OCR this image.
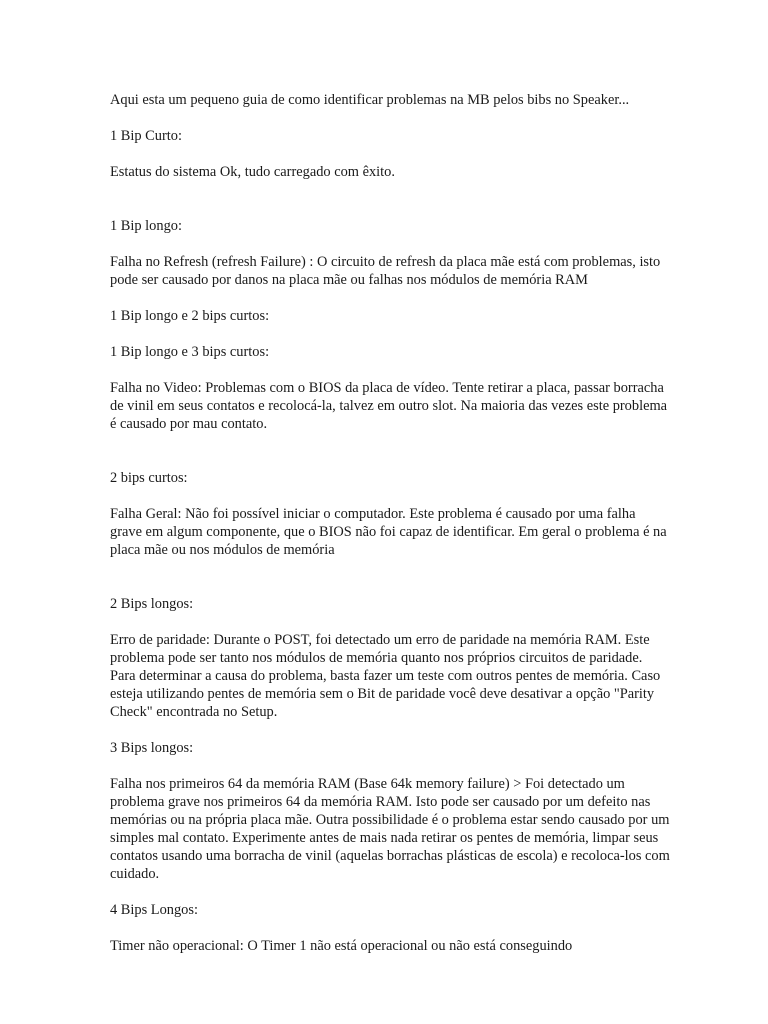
Aqui esta um pequeno guia de como identificar problemas na MB pelos bibs no Speaker...

1 Bip Curto:

Estatus do sistema Ok, tudo carregado com êxito.

1 Bip longo:

Falha no Refresh (refresh Failure) : O circuito de refresh da placa mãe está com problemas, isto pode ser causado por danos na placa mãe ou falhas nos módulos de memória RAM

1 Bip longo e 2 bips curtos:

1 Bip longo e 3 bips curtos:

Falha no Video: Problemas com o BIOS da placa de vídeo. Tente retirar a placa, passar borracha de vinil em seus contatos e recolocá-la, talvez em outro slot. Na maioria das vezes este problema é causado por mau contato.

2 bips curtos:

Falha Geral: Não foi possível iniciar o computador. Este problema é causado por uma falha grave em algum componente, que o BIOS não foi capaz de identificar. Em geral o problema é na placa mãe ou nos módulos de memória

2 Bips longos:

Erro de paridade: Durante o POST, foi detectado um erro de paridade na memória RAM. Este problema pode ser tanto nos módulos de memória quanto nos próprios circuitos de paridade. Para determinar a causa do problema, basta fazer um teste com outros pentes de memória. Caso esteja utilizando pentes de memória sem o Bit de paridade você deve desativar a opção "Parity Check" encontrada no Setup.

3 Bips longos:

Falha nos primeiros 64 da memória RAM (Base 64k memory failure) > Foi detectado um problema grave nos primeiros 64 da memória RAM. Isto pode ser causado por um defeito nas memórias ou na própria placa mãe. Outra possibilidade é o problema estar sendo causado por um simples mal contato. Experimente antes de mais nada retirar os pentes de memória, limpar seus contatos usando uma borracha de vinil (aquelas borrachas plásticas de escola) e recoloca-los com cuidado.

4 Bips Longos:

Timer não operacional: O Timer 1 não está operacional ou não está conseguindo
